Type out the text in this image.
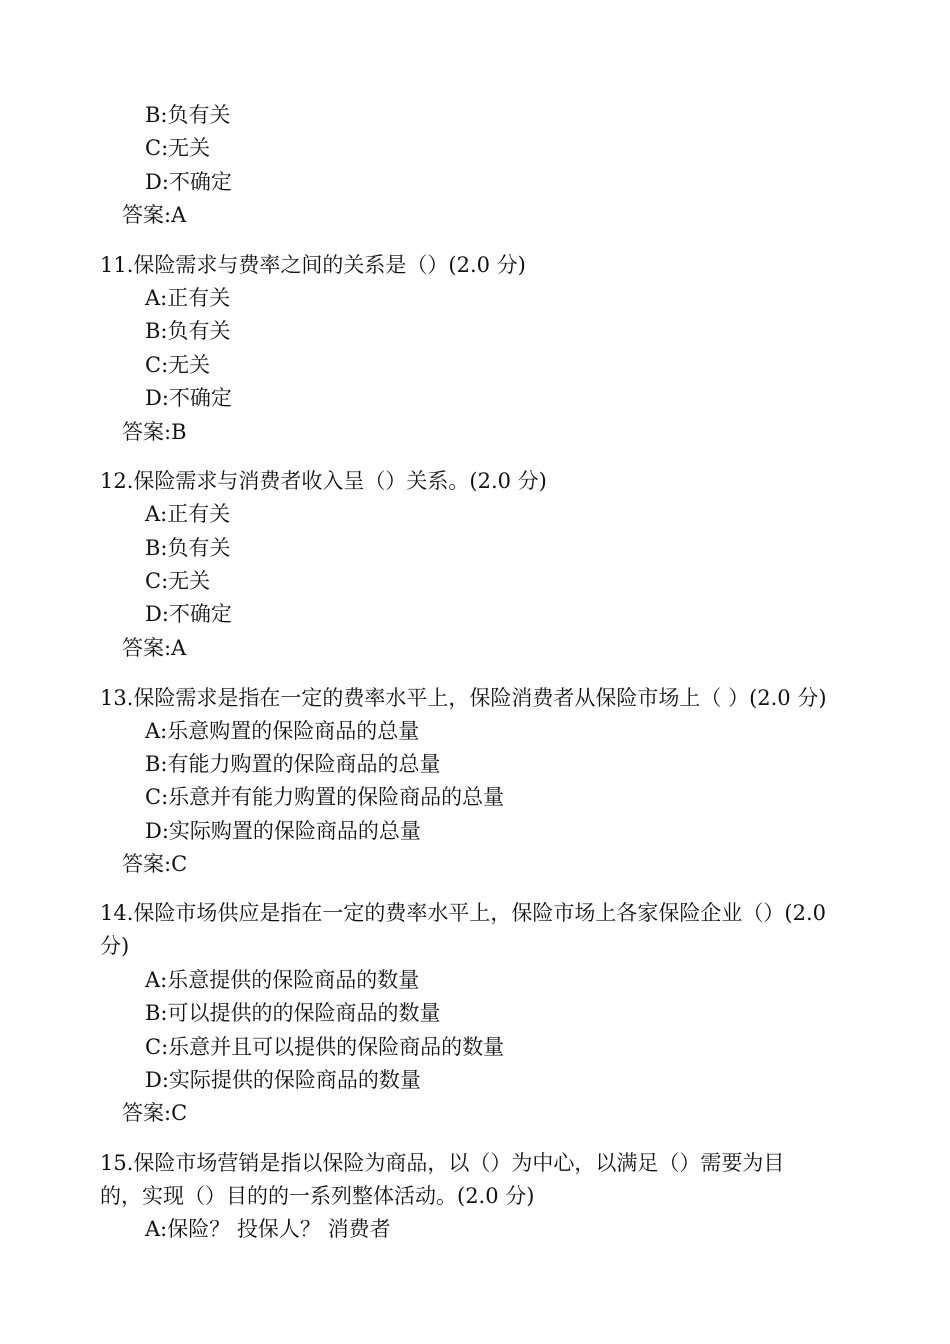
B:负有关
C:无关
D:不确定
答案:A
11.保险需求与费率之间的关系是（）(2.0 分)
A:正有关
B:负有关
C:无关
D:不确定
答案:B
12.保险需求与消费者收入呈（）关系。(2.0 分)
A:正有关
B:负有关
C:无关
D:不确定
答案:A
13.保险需求是指在一定的费率水平上，保险消费者从保险市场上（ ）(2.0 分)
A:乐意购置的保险商品的总量
B:有能力购置的保险商品的总量
C:乐意并有能力购置的保险商品的总量
D:实际购置的保险商品的总量
答案:C
14.保险市场供应是指在一定的费率水平上，保险市场上各家保险企业（）(2.0
分)
A:乐意提供的保险商品的数量
B:可以提供的的保险商品的数量
C:乐意并且可以提供的保险商品的数量
D:实际提供的保险商品的数量
答案:C
15.保险市场营销是指以保险为商品，以（）为中心，以满足（）需要为目
的，实现（）目的的一系列整体活动。(2.0 分)
A:保险？ 投保人？ 消费者
